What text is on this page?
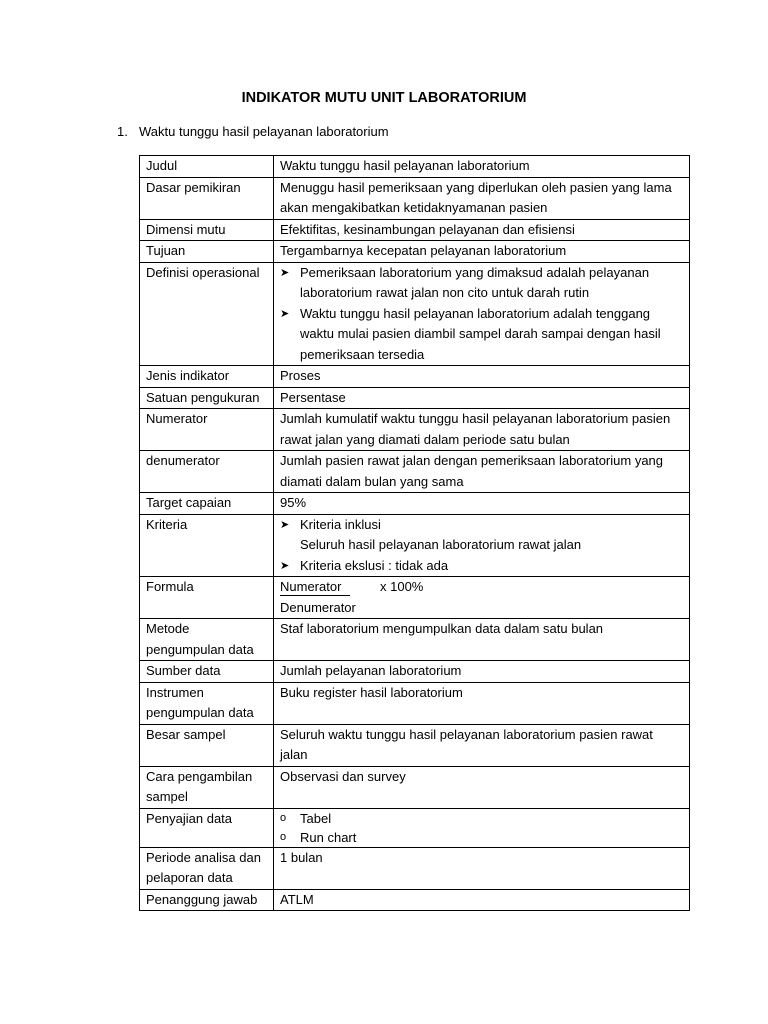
INDIKATOR MUTU UNIT LABORATORIUM
1. Waktu tunggu hasil pelayanan laboratorium
Judul	Waktu tunggu hasil pelayanan laboratorium
Dasar pemikiran	Menuggu hasil pemeriksaan yang diperlukan oleh pasien yang lama akan mengakibatkan ketidaknyamanan pasien
Dimensi mutu	Efektifitas, kesinambungan pelayanan dan efisiensi
Tujuan	Tergambarnya kecepatan pelayanan laboratorium
Definisi operasional	➤ Pemeriksaan laboratorium yang dimaksud adalah pelayanan laboratorium rawat jalan non cito untuk darah rutin
➤ Waktu tunggu hasil pelayanan laboratorium adalah tenggang waktu mulai pasien diambil sampel darah sampai dengan hasil pemeriksaan tersedia

Jenis indikator	Proses
Satuan pengukuran	Persentase
Numerator	Jumlah kumulatif waktu tunggu hasil pelayanan laboratorium pasien rawat jalan yang diamati dalam periode satu bulan
denumerator	Jumlah pasien rawat jalan dengan pemeriksaan laboratorium yang diamati dalam bulan yang sama
Target capaian	95%
Kriteria	➤ Kriteria inklusi
Seluruh hasil pelayanan laboratorium rawat jalan
➤ Kriteria ekslusi : tidak ada

Formula	Numerator x 100%
Denumerator

Metode pengumpulan data	Staf laboratorium mengumpulkan data dalam satu bulan
Sumber data	Jumlah pelayanan laboratorium
Instrumen pengumpulan data	Buku register hasil laboratorium
Besar sampel	Seluruh waktu tunggu hasil pelayanan laboratorium pasien rawat jalan
Cara pengambilan sampel	Observasi dan survey
Penyajian data	o Tabel
o Run chart

Periode analisa dan pelaporan data	1 bulan
Penanggung jawab	ATLM
